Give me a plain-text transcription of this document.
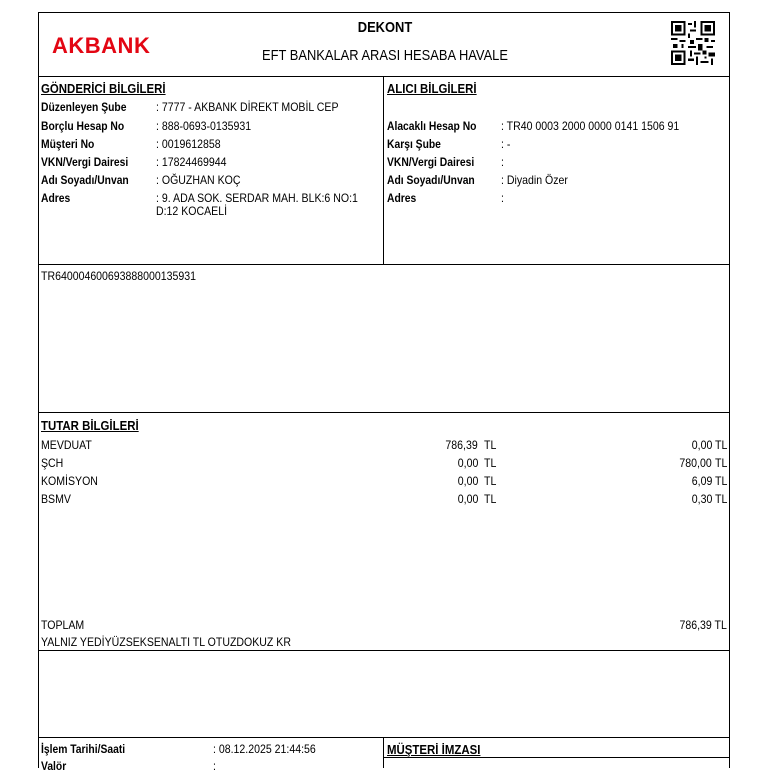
AKBANK
DEKONT
EFT BANKALAR ARASI HESABA HAVALE
GÖNDERİCİ BİLGİLERİ
Düzenleyen Şube : 7777 - AKBANK DİREKT MOBİL CEP
Borçlu Hesap No	: 888-0693-0135931
Müşteri No	: 0019612858
VKN/Vergi Dairesi : 17824469944
Adı Soyadı/Unvan : OĞUZHAN KOÇ
Adres	: 9. ADA SOK. SERDAR MAH. BLK:6 NO:1
D:12 KOCAELİ
ALICI BİLGİLERİ
Alacaklı Hesap No : TR40 0003 2000 0000 0141 1506 91
Karşı Şube	: -
VKN/Vergi Dairesi :
Adı Soyadı/Unvan : Diyadin Özer
Adres	:
TR640004600693888000135931
TUTAR BİLGİLERİ
MEVDUAT	786,39 TL	0,00 TL
ŞCH	0,00 TL	780,00 TL
KOMİSYON	0,00 TL	6,09 TL
BSMV	0,00 TL	0,30 TL
TOPLAM	786,39 TL
YALNIZ YEDİYÜZSEKSENALTI TL OTUZDOKUZ KR
İşlem Tarihi/Saati	: 08.12.2025 21:44:56
Valör	:
MÜŞTERİ İMZASI
